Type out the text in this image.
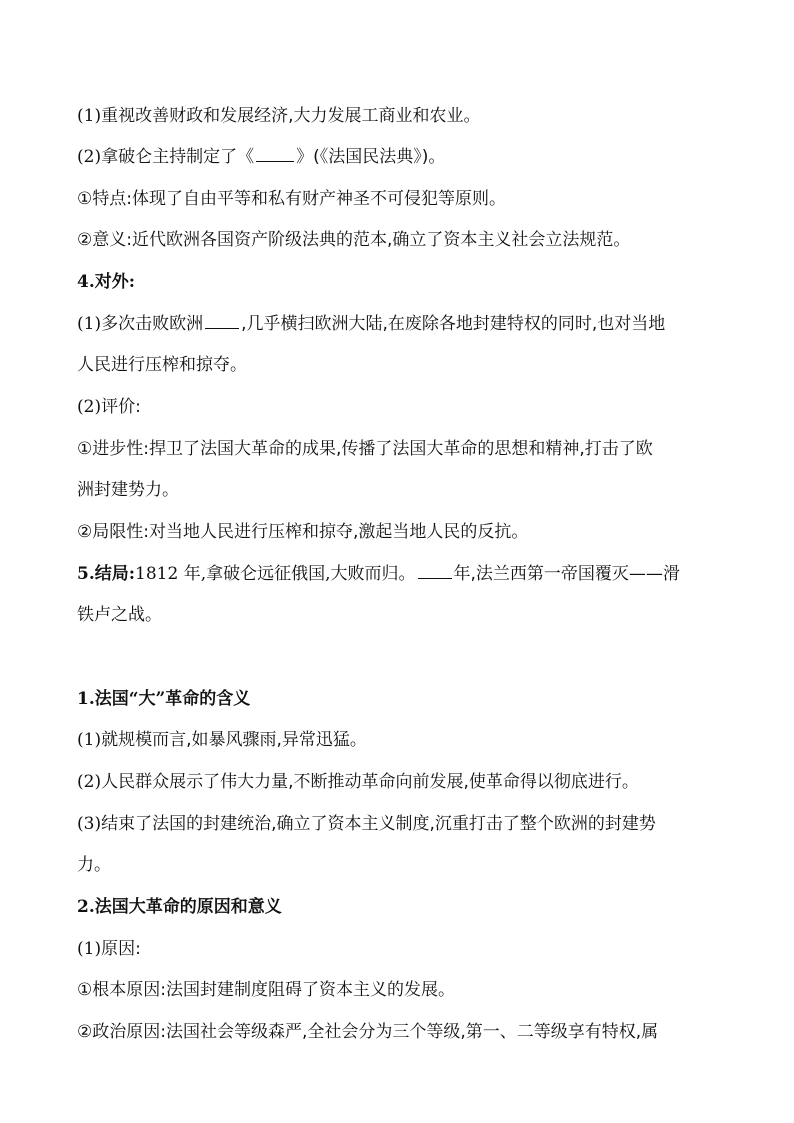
(1)重视改善财政和发展经济,大力发展工商业和农业。
(2)拿破仑主持制定了《 》(《法国民法典》)。
①特点:体现了自由平等和私有财产神圣不可侵犯等原则。
②意义:近代欧洲各国资产阶级法典的范本,确立了资本主义社会立法规范。
4.对外:
(1)多次击败欧洲 ,几乎横扫欧洲大陆,在废除各地封建特权的同时,也对当地
人民进行压榨和掠夺。
(2)评价:
①进步性:捍卫了法国大革命的成果,传播了法国大革命的思想和精神,打击了欧
洲封建势力。
②局限性:对当地人民进行压榨和掠夺,激起当地人民的反抗。
5.结局:1812 年,拿破仑远征俄国,大败而归。 年,法兰西第一帝国覆灭——滑
铁卢之战。
1.法国“大”革命的含义
(1)就规模而言,如暴风骤雨,异常迅猛。
(2)人民群众展示了伟大力量,不断推动革命向前发展,使革命得以彻底进行。
(3)结束了法国的封建统治,确立了资本主义制度,沉重打击了整个欧洲的封建势
力。
2.法国大革命的原因和意义
(1)原因:
①根本原因:法国封建制度阻碍了资本主义的发展。
②政治原因:法国社会等级森严,全社会分为三个等级,第一、二等级享有特权,属
